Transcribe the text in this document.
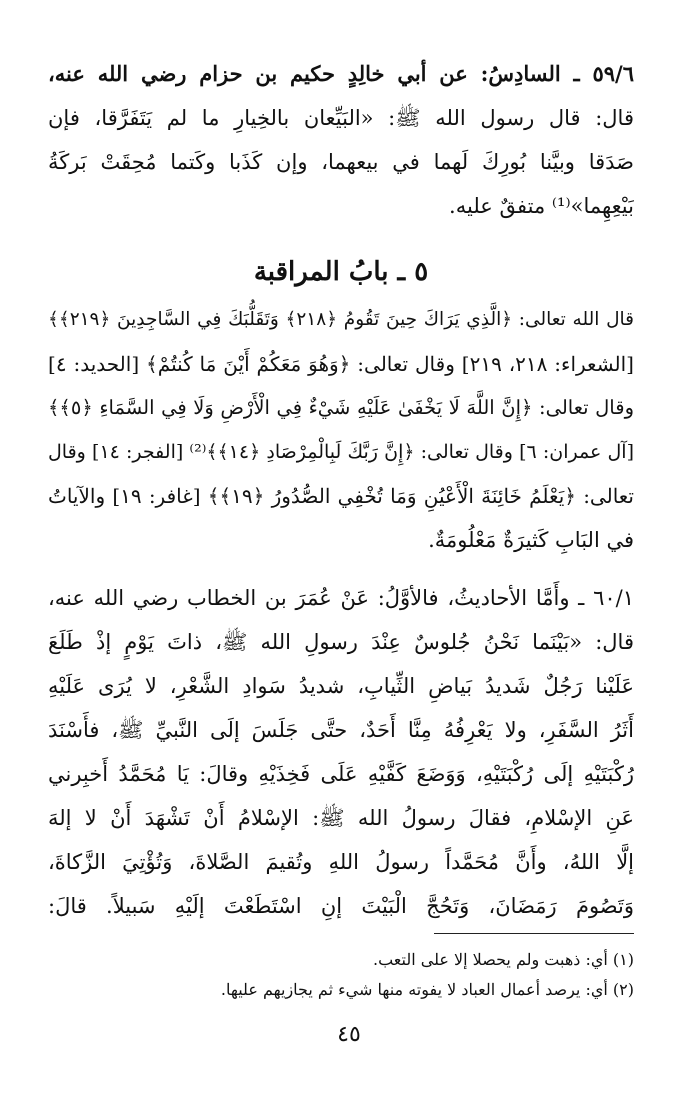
٥٩/٦ ـ السادِسُ: عن أبي خالِدٍ حكيم بن حزام رضي الله عنه،
قال: قال رسول الله ﷺ: «البَيِّعان بالخِيارِ ما لم يَتَفَرَّقا، فإن
صَدَقا وبيَّنا بُورِكَ لَهما في بيعهما، وإن كَذَبا وكَتما مُحِقَتْ بَركَةُ
بَيْعِهِما»⁽¹⁾ متفقٌ عليه.
٥ ـ بابُ المراقبة
قال الله تعالى: ﴿الَّذِي يَرَاكَ حِينَ تَقُومُ ﴿٢١٨﴾ وَتَقَلُّبَكَ فِي السَّاجِدِينَ ﴿٢١٩﴾﴾
[الشعراء: ٢١٨، ٢١٩] وقال تعالى: ﴿وَهُوَ مَعَكُمْ أَيْنَ مَا كُنتُمْ﴾ [الحديد: ٤]
وقال تعالى: ﴿إِنَّ اللَّهَ لَا يَخْفَىٰ عَلَيْهِ شَيْءٌ فِي الْأَرْضِ وَلَا فِي السَّمَاءِ ﴿٥﴾﴾
[آل عمران: ٦] وقال تعالى: ﴿إِنَّ رَبَّكَ لَبِالْمِرْصَادِ ﴿١٤﴾﴾⁽²⁾ [الفجر: ١٤] وقال
تعالى: ﴿يَعْلَمُ خَائِنَةَ الْأَعْيُنِ وَمَا تُخْفِي الصُّدُورُ ﴿١٩﴾﴾ [غافر: ١٩] والآياتُ
في البَابِ كَثيرَةٌ مَعْلُومَةٌ.
٦٠/١ ـ وأَمَّا الأحاديثُ، فالأوَّلُ: عَنْ عُمَرَ بن الخطاب رضي الله عنه،
قال: «بَيْنَما نَحْنُ جُلوسٌ عِنْدَ رسولِ الله ﷺ، ذاتَ يَوْمٍ إذْ طَلَعَ
عَلَيْنا رَجُلٌ شَديدُ بَياضِ الثِّيابِ، شديدُ سَوادِ الشَّعْرِ، لا يُرَى عَلَيْهِ
أَثَرُ السَّفَرِ، ولا يَعْرِفُهُ مِنَّا أَحَدٌ، حتَّى جَلَسَ إلَى النَّبيِّ ﷺ، فأَسْنَدَ
رُكْبَتَيْهِ إلَى رُكْبَتَيْهِ، وَوَضَعَ كَفَّيْهِ عَلَى فَخِذَيْهِ وقالَ: يَا مُحَمَّدُ أَخبِرني
عَنِ الإسْلامِ، فقالَ رسولُ الله ﷺ: الإسْلامُ أَنْ تَشْهَدَ أَنْ لا إلهَ
إلَّا اللهُ، وأَنَّ مُحَمَّداً رسولُ اللهِ وتُقيمَ الصَّلاةَ، وَتُؤْتِيَ الزَّكاةَ،
وَتَصُومَ رَمَضَانَ، وَتَحُجَّ الْبَيْتَ إنِ اسْتَطَعْتَ إلَيْهِ سَبيلاً. قالَ:
(١) أي: ذهبت ولم يحصلا إلا على التعب.
(٢) أي: يرصد أعمال العباد لا يفوته منها شيء ثم يجازيهم عليها.
٤٥
